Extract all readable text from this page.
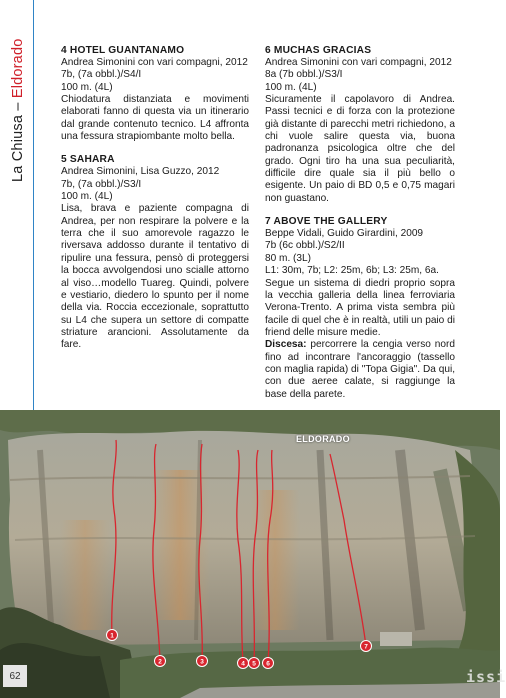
La Chiusa – Eldorado	4 HOTEL GUANTANAMO

Andrea Simonini con vari compagni, 2012

7b, (7a obbl.)/S4/I

100 m. (4L)

Chiodatura distanziata e movimenti elaborati fanno di questa via un itinerario dal grande contenuto tecnico. L4 affronta una fessura strapiombante molto bella.

5 SAHARA

Andrea Simonini, Lisa Guzzo, 2012

7b, (7a obbl.)/S3/I

100 m. (4L)

Lisa, brava e paziente compagna di Andrea, per non respirare la polvere e la terra che il suo amorevole ragazzo le riversava addosso durante il tentativo di ripulire una fessura, pensò di proteggersi la bocca avvolgendosi uno scialle attorno al viso…modello Tuareg. Quindi, polvere e vestiario, diedero lo spunto per il nome della via. Roccia eccezionale, soprattutto su L4 che supera un settore di compatte striature arancioni. Assolutamente da fare.

6 MUCHAS GRACIAS

Andrea Simonini con vari compagni, 2012

8a (7b obbl.)/S3/I

100 m. (4L)

Sicuramente il capolavoro di Andrea. Passi tecnici e di forza con la protezione già distante di parecchi metri richiedono, a chi vuole salire questa via, buona padronanza psicologica oltre che del grado. Ogni tiro ha una sua peculiarità, difficile dire quale sia il più bello o esigente. Un paio di BD 0,5 e 0,75 magari non guastano.

7 ABOVE THE GALLERY

Beppe Vidali, Guido Girardini, 2009

7b (6c obbl.)/S2/II

80 m. (3L)

L1: 30m, 7b; L2: 25m, 6b; L3: 25m, 6a.

Segue un sistema di diedri proprio sopra la vecchia galleria della linea ferroviaria Verona-Trento. A prima vista sembra più facile di quel che è in realtà, utili un paio di friend delle misure medie.

Discesa: percorrere la cengia verso nord fino ad incontrare l'ancoraggio (tassello con maglia rapida) di "Topa Gigia". Da qui, con due aeree calate, si raggiunge la base della parete.

1
2	3	4 5 6
7
ELDORADO
62	issi
